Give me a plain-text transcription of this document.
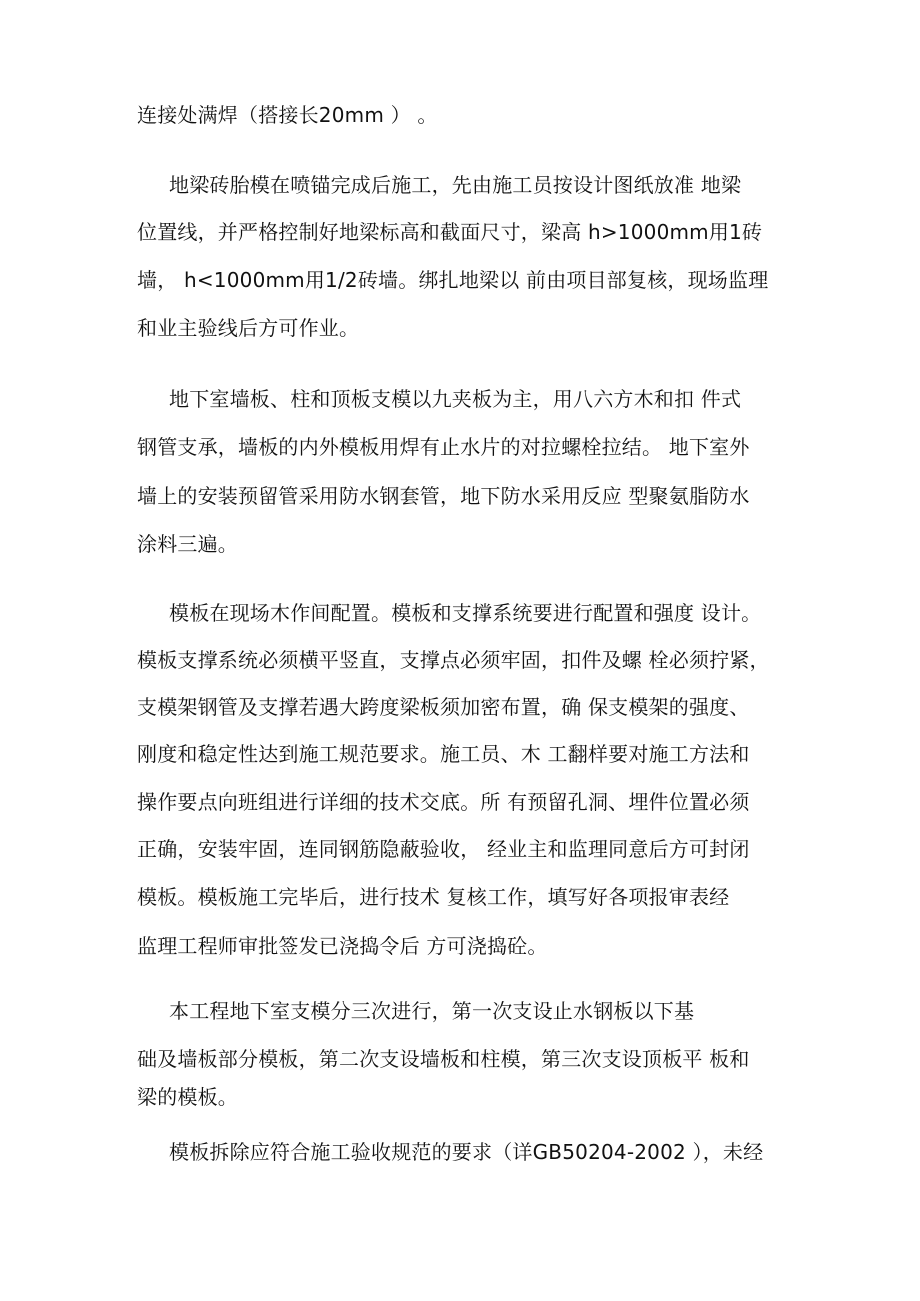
连接处满焊（搭接长20mm ） 。
地梁砖胎模在喷锚完成后施工，先由施工员按设计图纸放准 地梁
位置线，并严格控制好地梁标高和截面尺寸，梁高 h>1000mm用1砖
墙， h<1000mm用1/2砖墙。绑扎地梁以 前由项目部复核，现场监理
和业主验线后方可作业。
地下室墙板、柱和顶板支模以九夹板为主，用八六方木和扣 件式
钢管支承，墙板的内外模板用焊有止水片的对拉螺栓拉结。 地下室外
墙上的安装预留管采用防水钢套管，地下防水采用反应 型聚氨脂防水
涂料三遍。
模板在现场木作间配置。模板和支撑系统要进行配置和强度 设计。
模板支撑系统必须横平竖直，支撑点必须牢固，扣件及螺 栓必须拧紧，
支模架钢管及支撑若遇大跨度梁板须加密布置，确 保支模架的强度、
刚度和稳定性达到施工规范要求。施工员、木 工翻样要对施工方法和
操作要点向班组进行详细的技术交底。所 有预留孔洞、埋件位置必须
正确，安装牢固，连同钢筋隐蔽验收， 经业主和监理同意后方可封闭
模板。模板施工完毕后，进行技术 复核工作，填写好各项报审表经
监理工程师审批签发已浇捣令后 方可浇捣砼。
本工程地下室支模分三次进行，第一次支设止水钢板以下基
础及墙板部分模板，第二次支设墙板和柱模，第三次支设顶板平 板和
梁的模板。
模板拆除应符合施工验收规范的要求（详GB50204-2002 ），未经
